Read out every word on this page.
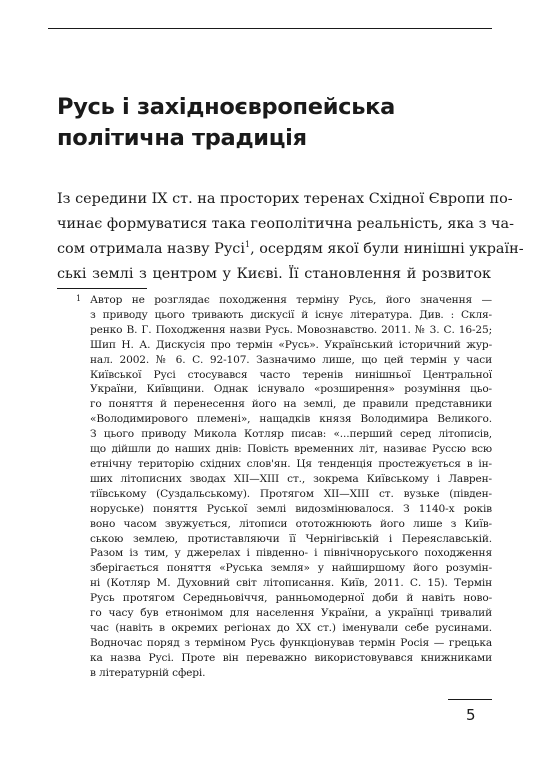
Русь і західноєвропейська
політична традиція
Із середини IX ст. на просторих теренах Східної Європи по-
чинає формуватися така геополітична реальність, яка з ча-
сом отримала назву Русі$^1$, осердям якої були нинішні україн-
ські землі з центром у Києві. Її становлення й розвиток
1 Автор не розглядає походження терміну Русь, його значення —
з приводу цього тривають дискусії й існує література. Див. : Скля-
ренко В. Г. Походження назви Русь. Мовознавство. 2011. № 3. С. 16-25;
Шип Н. А. Дискусія про термін «Русь». Український історичний жур-
нал. 2002. № 6. С. 92-107. Зазначимо лише, що цей термін у часи
Київської Русі стосувався часто теренів нинішньої Центральної
України, Київщини. Однак існувало «розширення» розуміння цьо-
го поняття й перенесення його на землі, де правили представники
«Володимирового племені», нащадків князя Володимира Великого.
З цього приводу Микола Котляр писав: «...перший серед літописів,
що дійшли до наших днів: Повість временних літ, називає Руссю всю
етнічну територію східних слов'ян. Ця тенденція простежується в ін-
ших літописних зводах XII—XIII ст., зокрема Київському і Лаврен-
тіївському (Суздальському). Протягом XII—XIII ст. вузьке (півден-
норуське) поняття Руської землі видозмінювалося. З 1140-х років
воно часом звужується, літописи ототожнюють його лише з Київ-
ською землею, протиставляючи її Чернігівській і Переяславській.
Разом із тим, у джерелах і південно- і північноруського походження
зберігається поняття «Руська земля» у найширшому його розумін-
ні (Котляр М. Духовний світ літописання. Київ, 2011. С. 15). Термін
Русь протягом Середньовіччя, ранньомодерної доби й навіть ново-
го часу був етнонімом для населення України, а українці тривалий
час (навіть в окремих регіонах до XX ст.) іменували себе русинами.
Водночас поряд з терміном Русь функціонував термін Росія — грецька
ка назва Русі. Проте він переважно використовувався книжниками
в літературній сфері.
5
